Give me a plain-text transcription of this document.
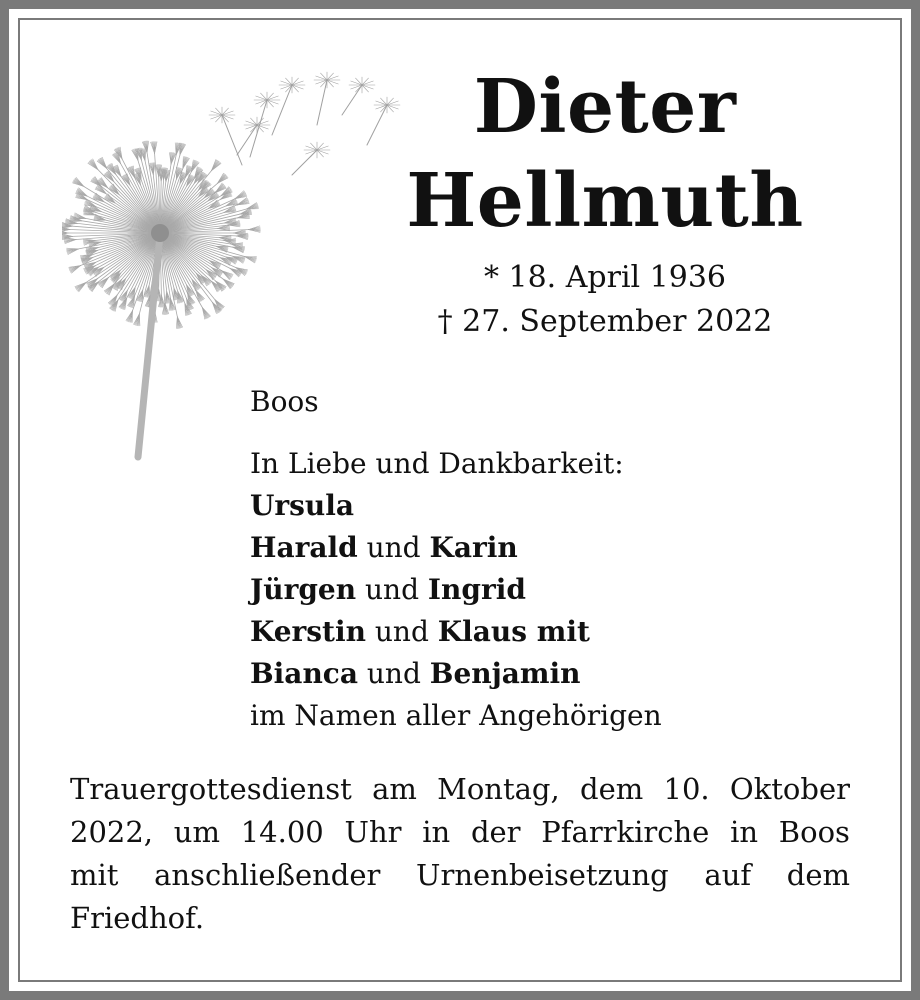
Dieter
Hellmuth
* 18. April 1936
† 27. September 2022
Boos
In Liebe und Dankbarkeit:
Ursula
Harald und Karin
Jürgen und Ingrid
Kerstin und Klaus mit
Bianca und Benjamin
im Namen aller Angehörigen
Trauergottesdienst am Montag, dem 10. Oktober
2022, um 14.00 Uhr in der Pfarrkirche in Boos
mit anschließender Urnenbeisetzung auf dem
Friedhof.
